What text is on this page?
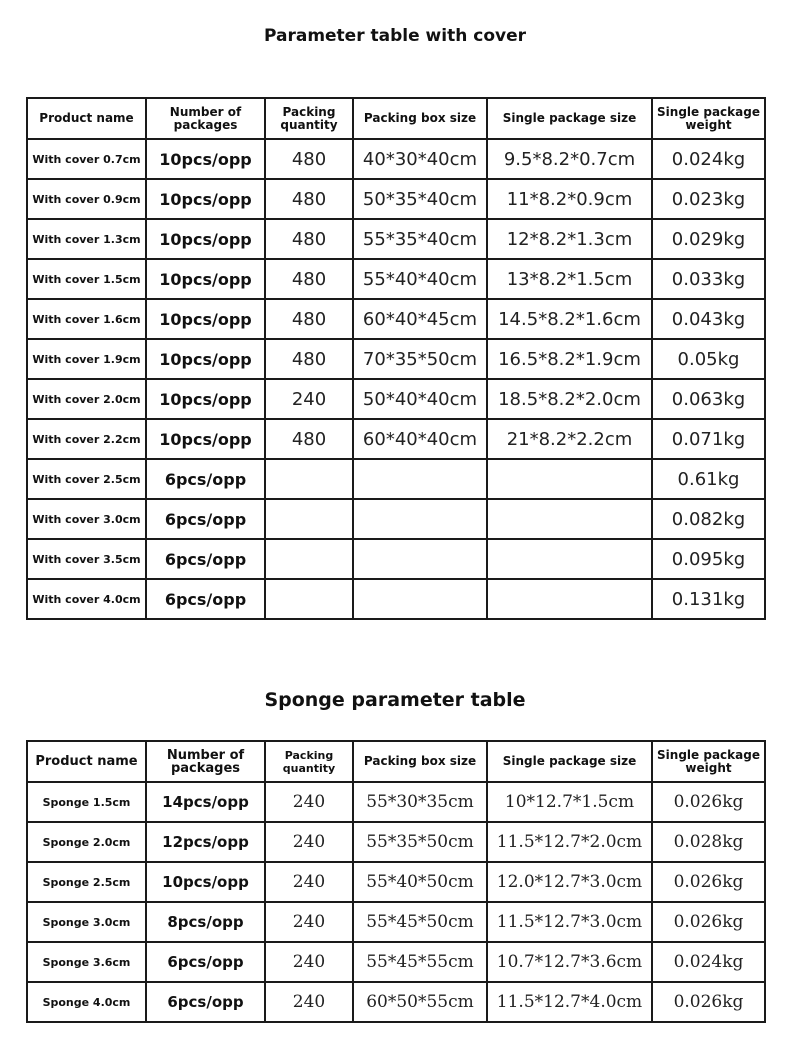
Parameter table with cover
Product name	Number of packages	Packing quantity	Packing box size	Single package size	Single package weight
With cover 0.7cm	10pcs/opp	480	40*30*40cm	9.5*8.2*0.7cm	0.024kg
With cover 0.9cm	10pcs/opp	480	50*35*40cm	11*8.2*0.9cm	0.023kg
With cover 1.3cm	10pcs/opp	480	55*35*40cm	12*8.2*1.3cm	0.029kg
With cover 1.5cm	10pcs/opp	480	55*40*40cm	13*8.2*1.5cm	0.033kg
With cover 1.6cm	10pcs/opp	480	60*40*45cm	14.5*8.2*1.6cm	0.043kg
With cover 1.9cm	10pcs/opp	480	70*35*50cm	16.5*8.2*1.9cm	0.05kg
With cover 2.0cm	10pcs/opp	240	50*40*40cm	18.5*8.2*2.0cm	0.063kg
With cover 2.2cm	10pcs/opp	480	60*40*40cm	21*8.2*2.2cm	0.071kg
With cover 2.5cm	6pcs/opp				0.61kg
With cover 3.0cm	6pcs/opp				0.082kg
With cover 3.5cm	6pcs/opp				0.095kg
With cover 4.0cm	6pcs/opp				0.131kg
Sponge parameter table
Product name	Number of packages	Packing quantity	Packing box size	Single package size	Single package weight
Sponge 1.5cm	14pcs/opp	240	55*30*35cm	10*12.7*1.5cm	0.026kg
Sponge 2.0cm	12pcs/opp	240	55*35*50cm	11.5*12.7*2.0cm	0.028kg
Sponge 2.5cm	10pcs/opp	240	55*40*50cm	12.0*12.7*3.0cm	0.026kg
Sponge 3.0cm	8pcs/opp	240	55*45*50cm	11.5*12.7*3.0cm	0.026kg
Sponge 3.6cm	6pcs/opp	240	55*45*55cm	10.7*12.7*3.6cm	0.024kg
Sponge 4.0cm	6pcs/opp	240	60*50*55cm	11.5*12.7*4.0cm	0.026kg
